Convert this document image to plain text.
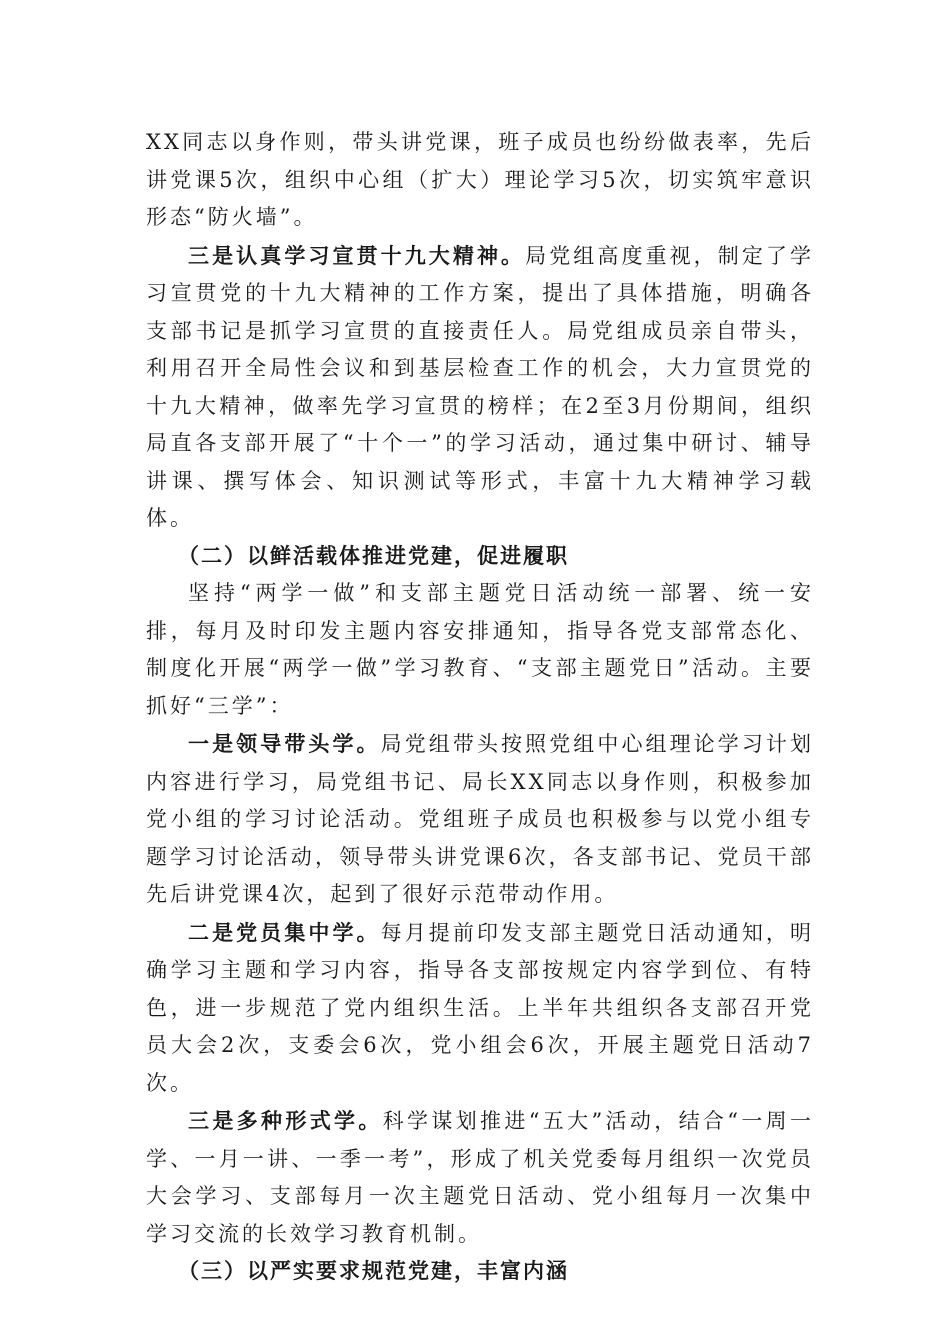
XX同志以身作则，带头讲党课，班子成员也纷纷做表率，先后讲党课5次，组织中心组（扩大）理论学习5次，切实筑牢意识形态“防火墙”。

三是认真学习宣贯十九大精神。局党组高度重视，制定了学习宣贯党的十九大精神的工作方案，提出了具体措施，明确各支部书记是抓学习宣贯的直接责任人。局党组成员亲自带头，利用召开全局性会议和到基层检查工作的机会，大力宣贯党的十九大精神，做率先学习宣贯的榜样；在2至3月份期间，组织局直各支部开展了“十个一”的学习活动，通过集中研讨、辅导讲课、撰写体会、知识测试等形式，丰富十九大精神学习载体。

（二）以鲜活载体推进党建，促进履职

坚持“两学一做”和支部主题党日活动统一部署、统一安排，每月及时印发主题内容安排通知，指导各党支部常态化、制度化开展“两学一做”学习教育、“支部主题党日”活动。主要抓好“三学”：

一是领导带头学。局党组带头按照党组中心组理论学习计划内容进行学习，局党组书记、局长XX同志以身作则，积极参加党小组的学习讨论活动。党组班子成员也积极参与以党小组专题学习讨论活动，领导带头讲党课6次，各支部书记、党员干部先后讲党课4次，起到了很好示范带动作用。

二是党员集中学。每月提前印发支部主题党日活动通知，明确学习主题和学习内容，指导各支部按规定内容学到位、有特色，进一步规范了党内组织生活。上半年共组织各支部召开党员大会2次，支委会6次，党小组会6次，开展主题党日活动7次。

三是多种形式学。科学谋划推进“五大”活动，结合“一周一学、一月一讲、一季一考”，形成了机关党委每月组织一次党员大会学习、支部每月一次主题党日活动、党小组每月一次集中学习交流的长效学习教育机制。

（三）以严实要求规范党建，丰富内涵
